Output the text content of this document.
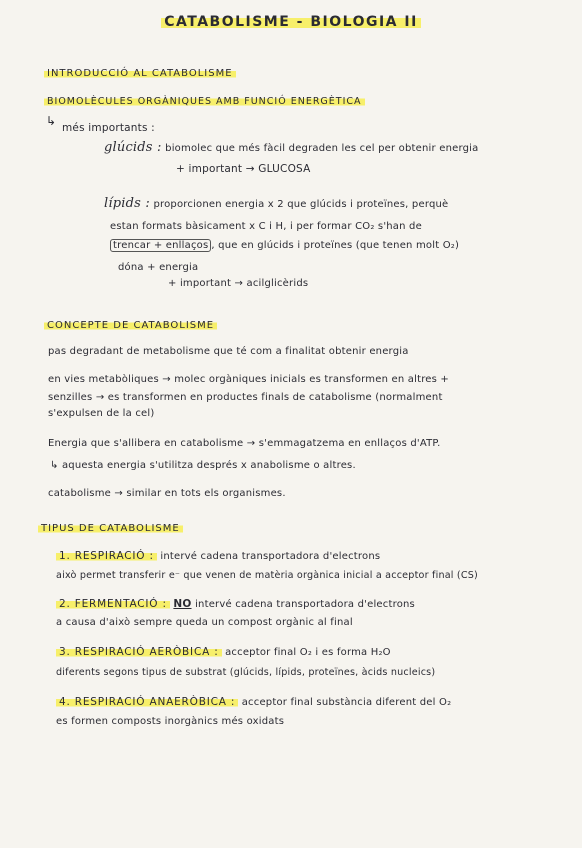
CATABOLISME - BIOLOGIA II
INTRODUCCIÓ AL CATABOLISME
BIOMOLÈCULES ORGÀNIQUES AMB FUNCIÓ ENERGÈTICA
↳ més importants :
glúcids : biomolec que més fàcil degraden les cel per obtenir energia
+ important → GLUCOSA
lípids : proporcionen energia x 2 que glúcids i proteïnes, perquè
estan formats bàsicament x C i H, i per formar CO₂ s'han de
trencar + enllaços , que en glúcids i proteïnes (que tenen molt O₂)
dóna + energia
+ important → acilglicèrids
CONCEPTE DE CATABOLISME
pas degradant de metabolisme que té com a finalitat obtenir energia
en vies metabòliques → molec orgàniques inicials es transformen en altres +
senzilles → es transformen en productes finals de catabolisme (normalment
s'expulsen de la cel)
Energia que s'allibera en catabolisme → s'emmagatzema en enllaços d'ATP.
↳ aquesta energia s'utilitza després x anabolisme o altres.
catabolisme → similar en tots els organismes.
TIPUS DE CATABOLISME
1. RESPIRACIÓ : intervé cadena transportadora d'electrons
això permet transferir e⁻ que venen de matèria orgànica inicial a acceptor final (CS)
2. FERMENTACIÓ : NO intervé cadena transportadora d'electrons
a causa d'això sempre queda un compost orgànic al final
3. RESPIRACIÓ AERÒBICA : acceptor final O₂ i es forma H₂O
diferents segons tipus de substrat (glúcids, lípids, proteïnes, àcids nucleics)
4. RESPIRACIÓ ANAERÒBICA : acceptor final substància diferent del O₂
es formen composts inorgànics més oxidats
